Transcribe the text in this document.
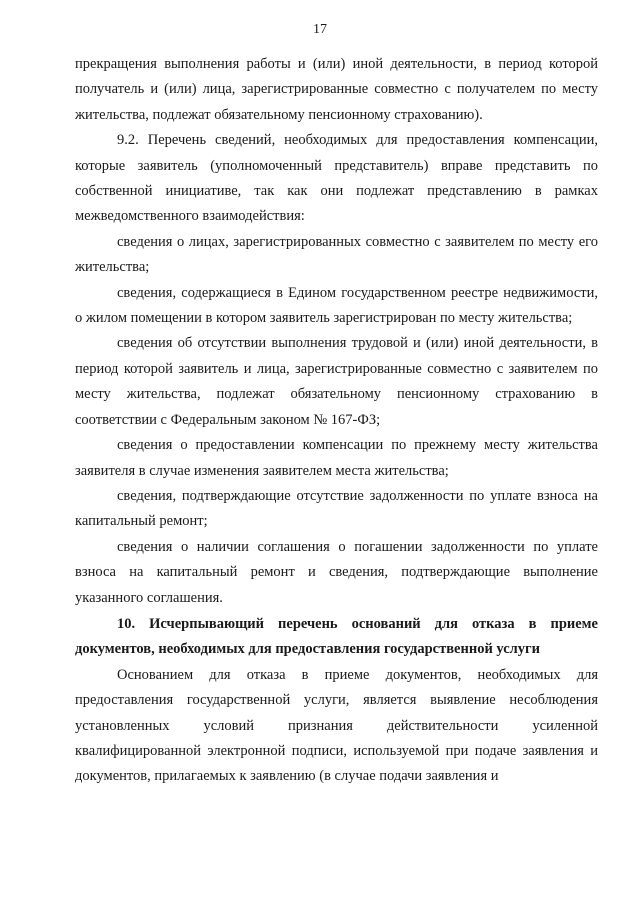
17

прекращения выполнения работы и (или) иной деятельности, в период которой получатель и (или) лица, зарегистрированные совместно с получателем по месту жительства, подлежат обязательному пенсионному страхованию).

9.2. Перечень сведений, необходимых для предоставления компенсации, которые заявитель (уполномоченный представитель) вправе представить по собственной инициативе, так как они подлежат представлению в рамках межведомственного взаимодействия:

сведения о лицах, зарегистрированных совместно с заявителем по месту его жительства;

сведения, содержащиеся в Едином государственном реестре недвижимости, о жилом помещении в котором заявитель зарегистрирован по месту жительства;

сведения об отсутствии выполнения трудовой и (или) иной деятельности, в период которой заявитель и лица, зарегистрированные совместно с заявителем по месту жительства, подлежат обязательному пенсионному страхованию в соответствии с Федеральным законом № 167-ФЗ;

сведения о предоставлении компенсации по прежнему месту жительства заявителя в случае изменения заявителем места жительства;

сведения, подтверждающие отсутствие задолженности по уплате взноса на капитальный ремонт;

сведения о наличии соглашения о погашении задолженности по уплате взноса на капитальный ремонт и сведения, подтверждающие выполнение указанного соглашения.

10. Исчерпывающий перечень оснований для отказа в приеме документов, необходимых для предоставления государственной услуги

Основанием для отказа в приеме документов, необходимых для предоставления государственной услуги, является выявление несоблюдения установленных условий признания действительности усиленной квалифицированной электронной подписи, используемой при подаче заявления и документов, прилагаемых к заявлению (в случае подачи заявления и
